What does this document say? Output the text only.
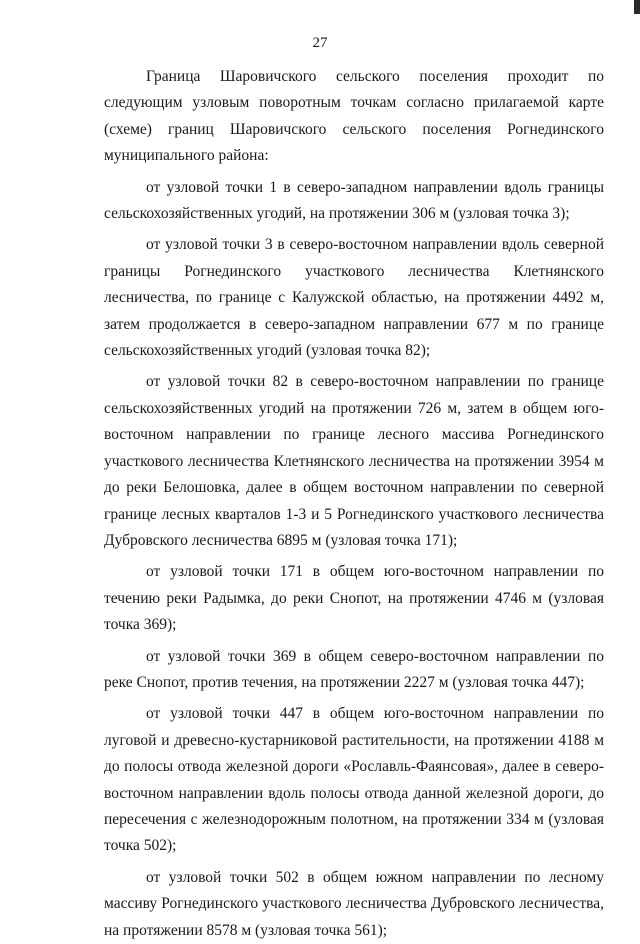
27

Граница Шаровичского сельского поселения проходит по следующим узловым поворотным точкам согласно прилагаемой карте (схеме) границ Шаровичского сельского поселения Рогнединского муниципального района:

от узловой точки 1 в северо-западном направлении вдоль границы сельскохозяйственных угодий, на протяжении 306 м (узловая точка 3);

от узловой точки 3 в северо-восточном направлении вдоль северной границы Рогнединского участкового лесничества Клетнянского лесничества, по границе с Калужской областью, на протяжении 4492 м, затем продолжается в северо-западном направлении 677 м по границе сельскохозяйственных угодий (узловая точка 82);

от узловой точки 82 в северо-восточном направлении по границе сельскохозяйственных угодий на протяжении 726 м, затем в общем юго-восточном направлении по границе лесного массива Рогнединского участкового лесничества Клетнянского лесничества на протяжении 3954 м до реки Белошовка, далее в общем восточном направлении по северной границе лесных кварталов 1-3 и 5 Рогнединского участкового лесничества Дубровского лесничества 6895 м (узловая точка 171);

от узловой точки 171 в общем юго-восточном направлении по течению реки Радымка, до реки Снопот, на протяжении 4746 м (узловая точка 369);

от узловой точки 369 в общем северо-восточном направлении по реке Снопот, против течения, на протяжении 2227 м (узловая точка 447);

от узловой точки 447 в общем юго-восточном направлении по луговой и древесно-кустарниковой растительности, на протяжении 4188 м до полосы отвода железной дороги «Рославль-Фаянсовая», далее в северо-восточном направлении вдоль полосы отвода данной железной дороги, до пересечения с железнодорожным полотном, на протяжении 334 м (узловая точка 502);

от узловой точки 502 в общем южном направлении по лесному массиву Рогнединского участкового лесничества Дубровского лесничества, на протяжении 8578 м (узловая точка 561);
